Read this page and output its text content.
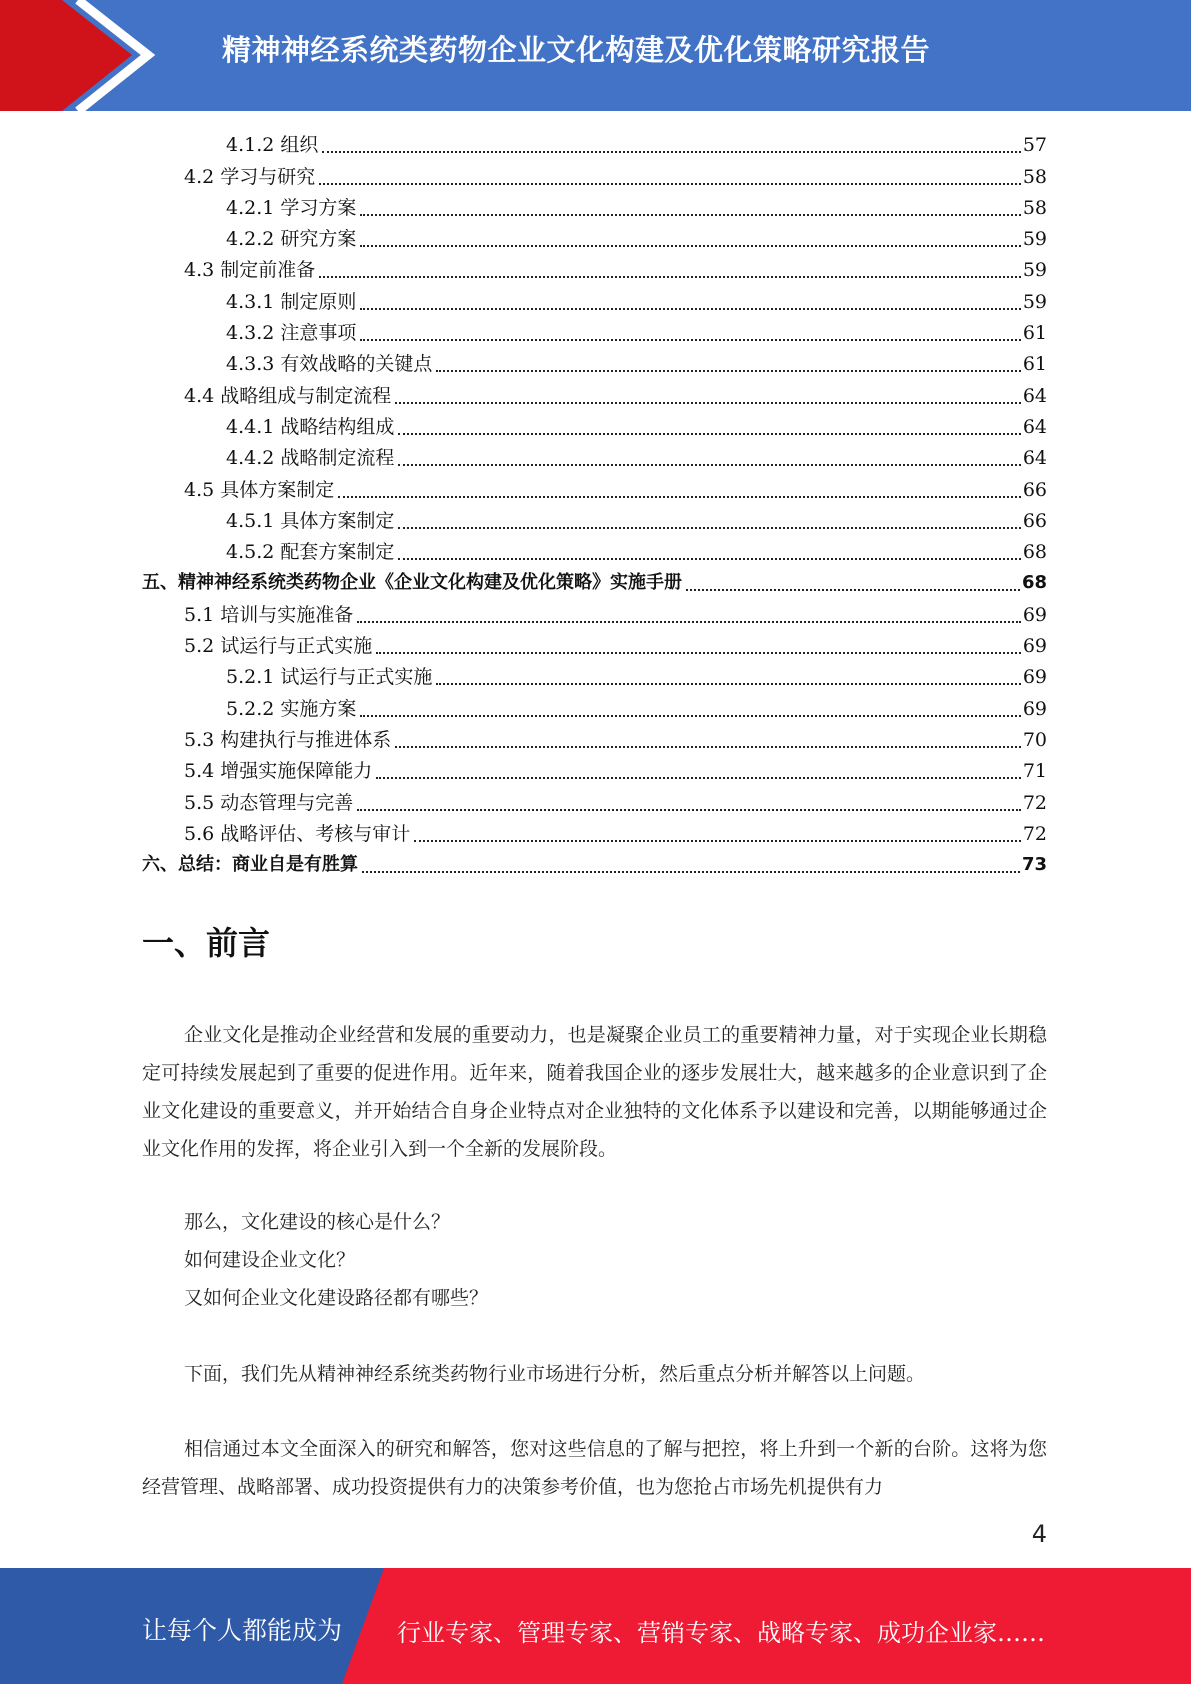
精神神经系统类药物企业文化构建及优化策略研究报告
4.1.2 组织	57
4.2 学习与研究	58
4.2.1 学习方案	58
4.2.2 研究方案	59
4.3 制定前准备	59
4.3.1 制定原则	59
4.3.2 注意事项	61
4.3.3 有效战略的关键点	61
4.4 战略组成与制定流程	64
4.4.1 战略结构组成	64
4.4.2 战略制定流程	64
4.5 具体方案制定	66
4.5.1 具体方案制定	66
4.5.2 配套方案制定	68
五、精神神经系统类药物企业《企业文化构建及优化策略》实施手册	68
5.1 培训与实施准备	69
5.2 试运行与正式实施	69
5.2.1 试运行与正式实施	69
5.2.2 实施方案	69
5.3 构建执行与推进体系	70
5.4 增强实施保障能力	71
5.5 动态管理与完善	72
5.6 战略评估、考核与审计	72
六、总结：商业自是有胜算	73
一、前言

企业文化是推动企业经营和发展的重要动力，也是凝聚企业员工的重要精神力量，对于实现企业长期稳定可持续发展起到了重要的促进作用。近年来，随着我国企业的逐步发展壮大，越来越多的企业意识到了企业文化建设的重要意义，并开始结合自身企业特点对企业独特的文化体系予以建设和完善，以期能够通过企业文化作用的发挥，将企业引入到一个全新的发展阶段。

那么，文化建设的核心是什么？

如何建设企业文化？

又如何企业文化建设路径都有哪些？

下面，我们先从精神神经系统类药物行业市场进行分析，然后重点分析并解答以上问题。

相信通过本文全面深入的研究和解答，您对这些信息的了解与把控，将上升到一个新的台阶。这将为您经营管理、战略部署、成功投资提供有力的决策参考价值，也为您抢占市场先机提供有力

4
让每个人都能成为 行业专家、管理专家、营销专家、战略专家、成功企业家……
